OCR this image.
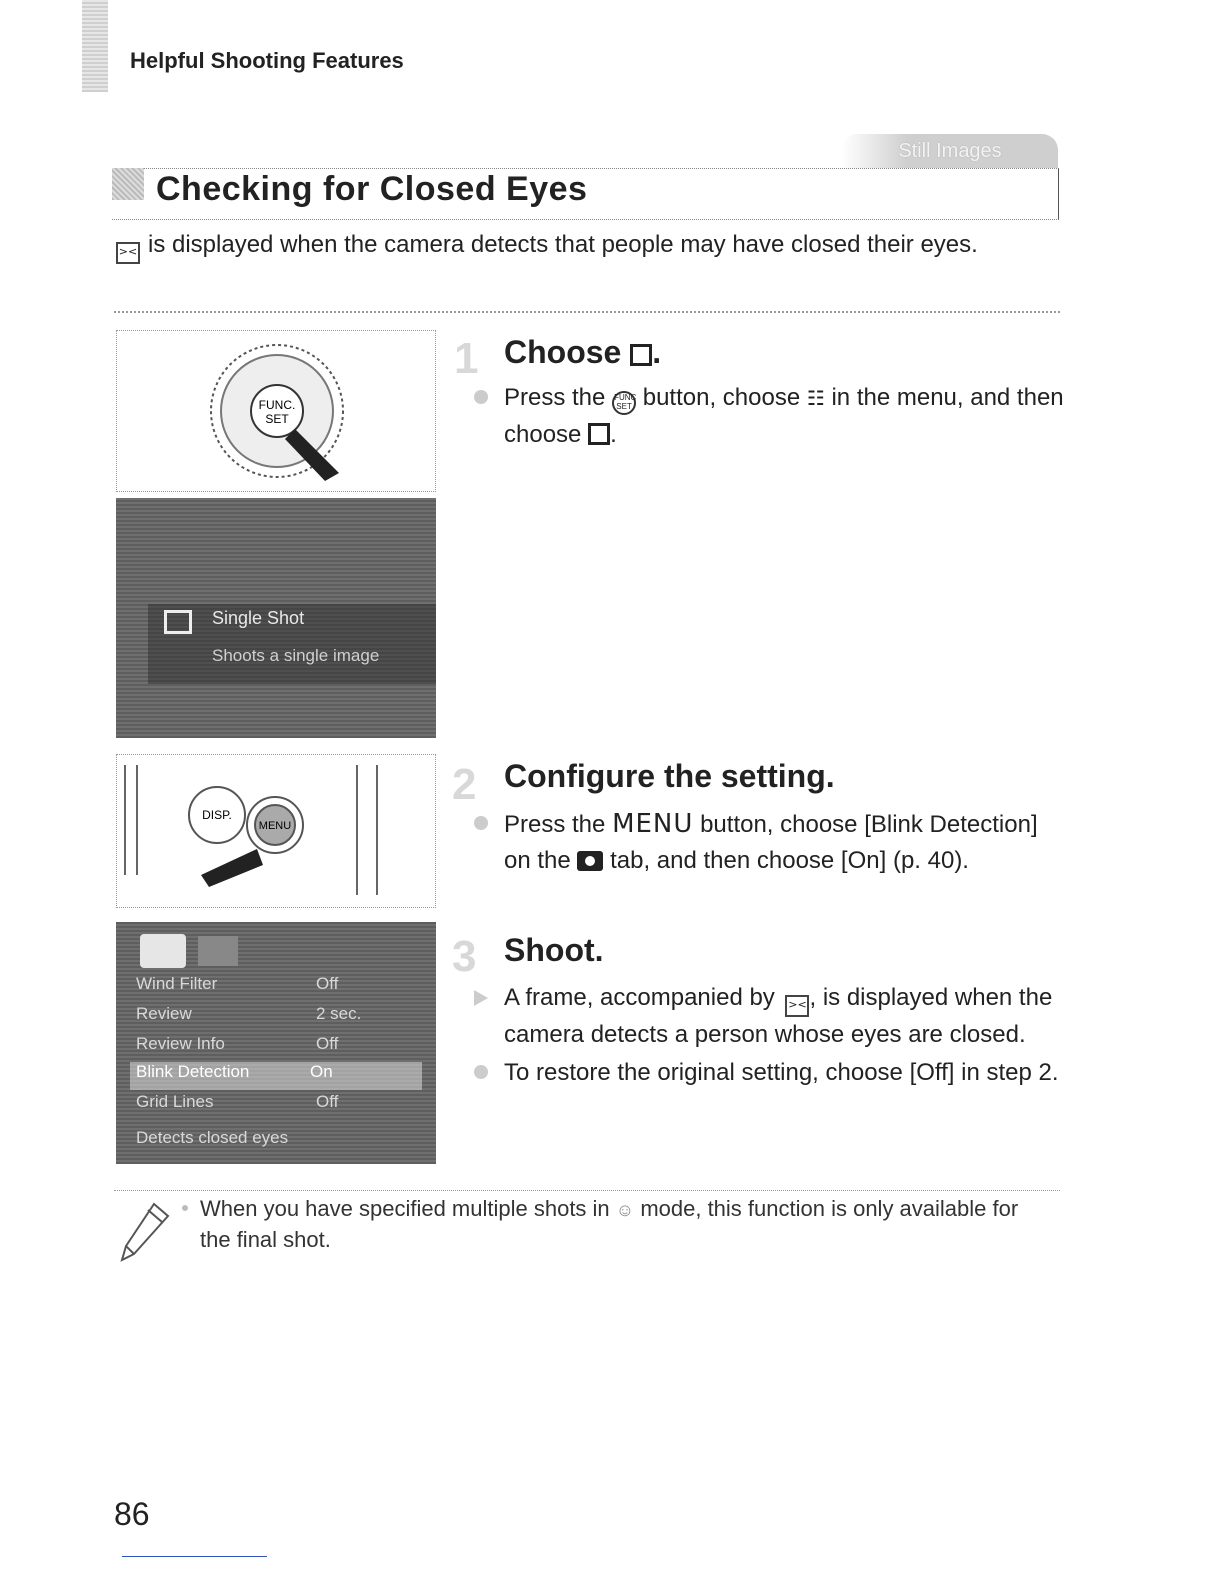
Helpful Shooting Features
Still Images
Checking for Closed Eyes
>< is displayed when the camera detects that people may have closed their eyes.
FUNC.
SET
Single Shot
Shoots a single image
1 Choose .
Press the FUNC
SET button, choose ☷ in the menu, and then choose .
DISP.
MENU
Wind Filter	Off
Review	2 sec.
Review Info	Off
Blink Detection	On
Grid Lines	Off
Detects closed eyes
2 Configure the setting.
Press the MENU button, choose [Blink Detection] on the tab, and then choose [On] (p. 40).
3 Shoot.
A frame, accompanied by >< , is displayed when the camera detects a person whose eyes are closed.
To restore the original setting, choose [Off] in step 2.
When you have specified multiple shots in ☺ mode, this function is only available for the final shot.
86
